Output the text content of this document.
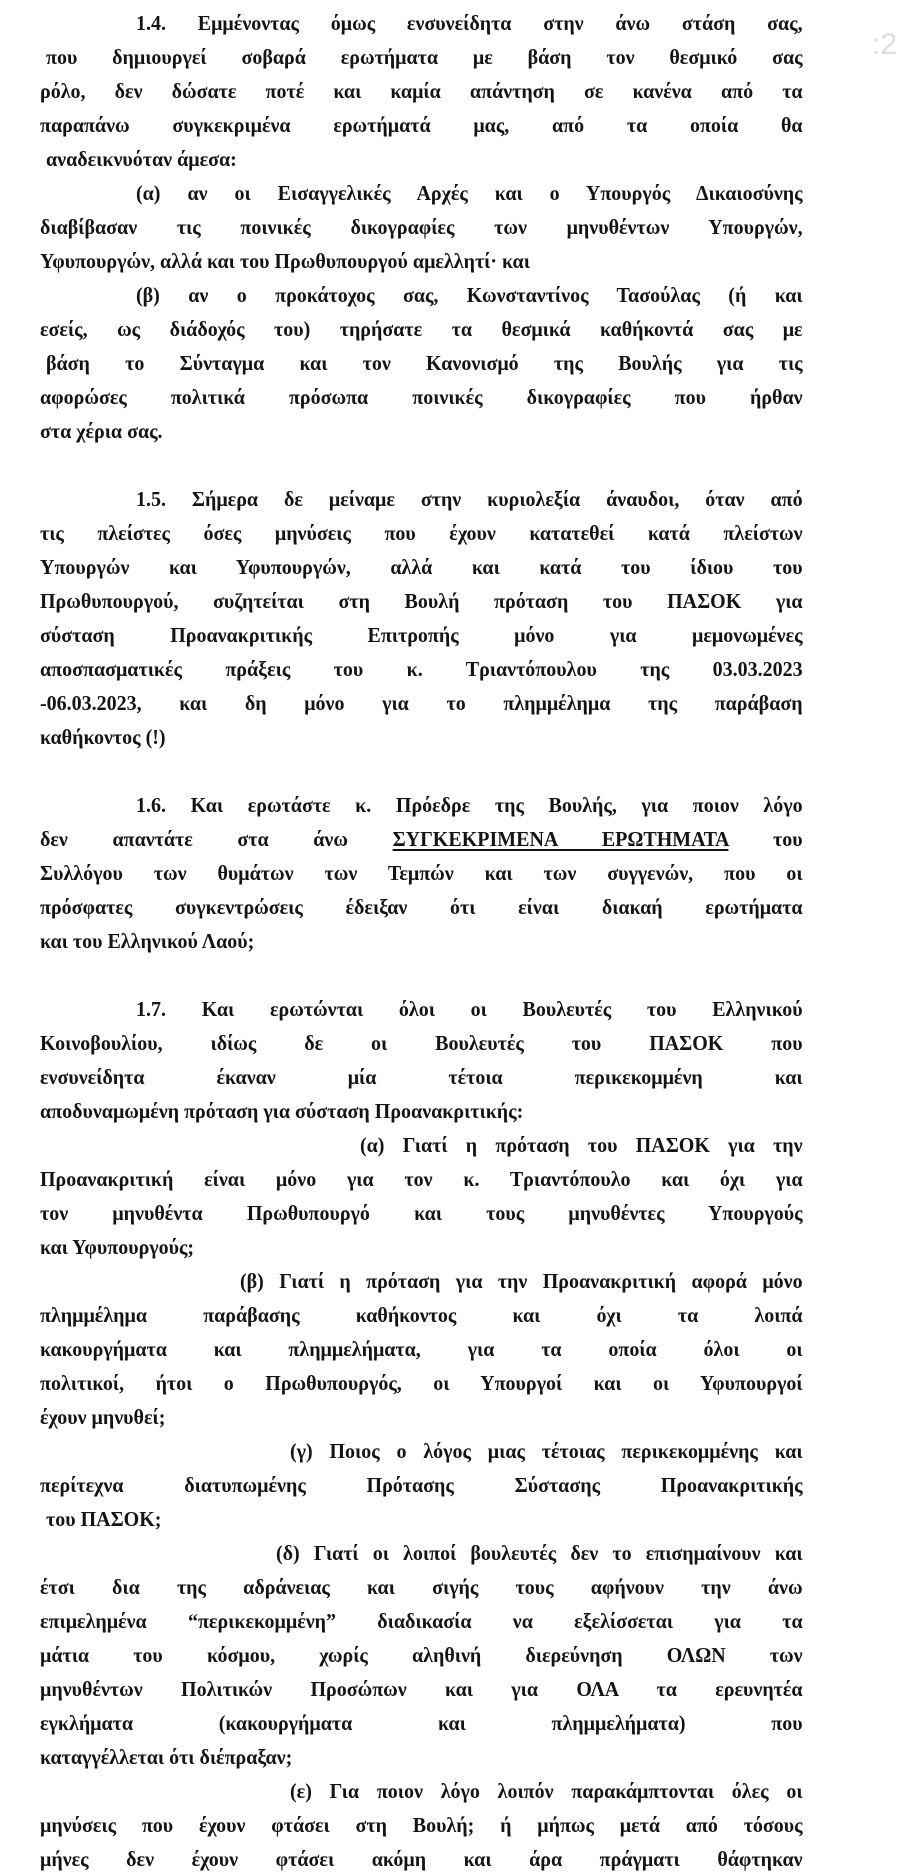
:2
1.4. Εμμένοντας όμως ενσυνείδητα στην άνω στάση σας,
που δημιουργεί σοβαρά ερωτήματα με βάση τον θεσμικό σας
ρόλο, δεν δώσατε ποτέ και καμία απάντηση σε κανένα από τα
παραπάνω συγκεκριμένα ερωτήματά μας, από τα οποία θα
αναδεικνυόταν άμεσα:
(α) αν οι Εισαγγελικές Αρχές και ο Υπουργός Δικαιοσύνης
διαβίβασαν τις ποινικές δικογραφίες των μηνυθέντων Υπουργών,
Υφυπουργών, αλλά και του Πρωθυπουργού αμελλητί· και
(β) αν ο προκάτοχος σας, Κωνσταντίνος Τασούλας (ή και
εσείς, ως διάδοχός του) τηρήσατε τα θεσμικά καθήκοντά σας με
βάση το Σύνταγμα και τον Κανονισμό της Βουλής για τις
αφορώσες πολιτικά πρόσωπα ποινικές δικογραφίες που ήρθαν
στα χέρια σας.
1.5. Σήμερα δε μείναμε στην κυριολεξία άναυδοι, όταν από
τις πλείστες όσες μηνύσεις που έχουν κατατεθεί κατά πλείστων
Υπουργών και Υφυπουργών, αλλά και κατά του ίδιου του
Πρωθυπουργού, συζητείται στη Βουλή πρόταση του ΠΑΣΟΚ για
σύσταση Προανακριτικής Επιτροπής μόνο για μεμονωμένες
αποσπασματικές πράξεις του κ. Τριαντόπουλου της 03.03.2023
-06.03.2023, και δη μόνο για το πλημμέλημα της παράβαση
καθήκοντος (!)
1.6. Και ερωτάστε κ. Πρόεδρε της Βουλής, για ποιον λόγο
δεν απαντάτε στα άνω ΣΥΓΚΕΚΡΙΜΕΝΑ ΕΡΩΤΗΜΑΤΑ του
Συλλόγου των θυμάτων των Τεμπών και των συγγενών, που οι
πρόσφατες συγκεντρώσεις έδειξαν ότι είναι διακαή ερωτήματα
και του Ελληνικού Λαού;
1.7. Και ερωτώνται όλοι οι Βουλευτές του Ελληνικού
Κοινοβουλίου, ιδίως δε οι Βουλευτές του ΠΑΣΟΚ που
ενσυνείδητα έκαναν μία τέτοια περικεκομμένη και
αποδυναμωμένη πρόταση για σύσταση Προανακριτικής:
(α) Γιατί η πρόταση του ΠΑΣΟΚ για την
Προανακριτική είναι μόνο για τον κ. Τριαντόπουλο και όχι για
τον μηνυθέντα Πρωθυπουργό και τους μηνυθέντες Υπουργούς
και Υφυπουργούς;
(β) Γιατί η πρόταση για την Προανακριτική αφορά μόνο
πλημμέλημα παράβασης καθήκοντος και όχι τα λοιπά
κακουργήματα και πλημμελήματα, για τα οποία όλοι οι
πολιτικοί, ήτοι ο Πρωθυπουργός, οι Υπουργοί και οι Υφυπουργοί
έχουν μηνυθεί;
(γ) Ποιος ο λόγος μιας τέτοιας περικεκομμένης και
περίτεχνα διατυπωμένης Πρότασης Σύστασης Προανακριτικής
του ΠΑΣΟΚ;
(δ) Γιατί οι λοιποί βουλευτές δεν το επισημαίνουν και
έτσι δια της αδράνειας και σιγής τους αφήνουν την άνω
επιμελημένα “περικεκομμένη” διαδικασία να εξελίσσεται για τα
μάτια του κόσμου, χωρίς αληθινή διερεύνηση ΟΛΩΝ των
μηνυθέντων Πολιτικών Προσώπων και για ΟΛΑ τα ερευνητέα
εγκλήματα (κακουργήματα και πλημμελήματα) που
καταγγέλλεται ότι διέπραξαν;
(ε) Για ποιον λόγο λοιπόν παρακάμπτονται όλες οι
μηνύσεις που έχουν φτάσει στη Βουλή; ή μήπως μετά από τόσους
μήνες δεν έχουν φτάσει ακόμη και άρα πράγματι θάφτηκαν
